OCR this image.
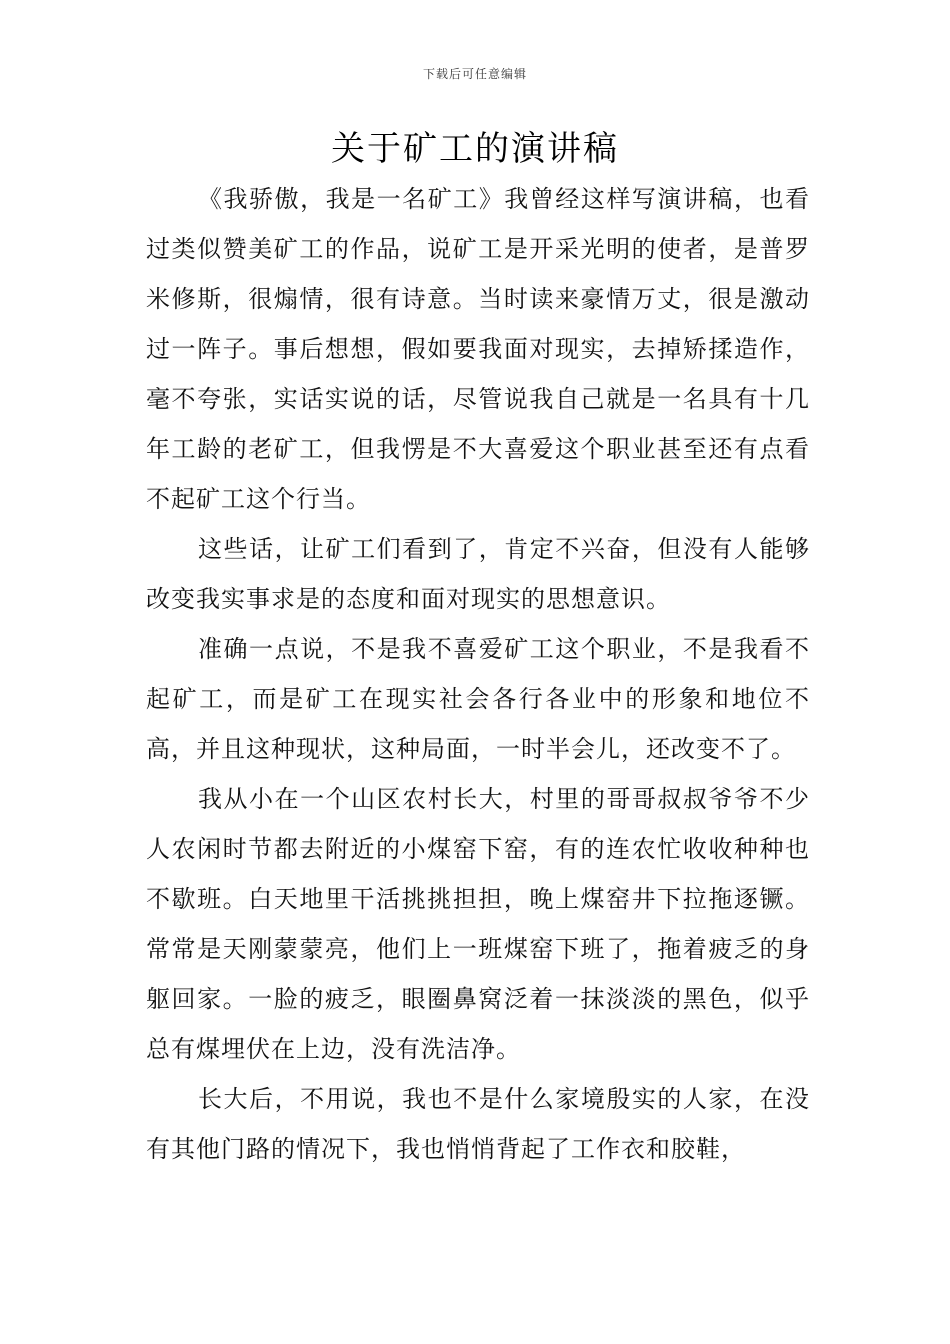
下载后可任意编辑
关于矿工的演讲稿

《我骄傲，我是一名矿工》我曾经这样写演讲稿，也看过类似赞美矿工的作品，说矿工是开采光明的使者，是普罗米修斯，很煽情，很有诗意。当时读来豪情万丈，很是激动过一阵子。事后想想，假如要我面对现实，去掉矫揉造作，毫不夸张，实话实说的话，尽管说我自己就是一名具有十几年工龄的老矿工，但我愣是不大喜爱这个职业甚至还有点看不起矿工这个行当。

这些话，让矿工们看到了，肯定不兴奋，但没有人能够改变我实事求是的态度和面对现实的思想意识。

准确一点说，不是我不喜爱矿工这个职业，不是我看不起矿工，而是矿工在现实社会各行各业中的形象和地位不高，并且这种现状，这种局面，一时半会儿，还改变不了。

我从小在一个山区农村长大，村里的哥哥叔叔爷爷不少人农闲时节都去附近的小煤窑下窑，有的连农忙收收种种也不歇班。白天地里干活挑挑担担，晚上煤窑井下拉拖逐镢。常常是天刚蒙蒙亮，他们上一班煤窑下班了，拖着疲乏的身躯回家。一脸的疲乏，眼圈鼻窝泛着一抹淡淡的黑色，似乎总有煤埋伏在上边，没有洗洁净。

长大后，不用说，我也不是什么家境殷实的人家，在没有其他门路的情况下，我也悄悄背起了工作衣和胶鞋，
